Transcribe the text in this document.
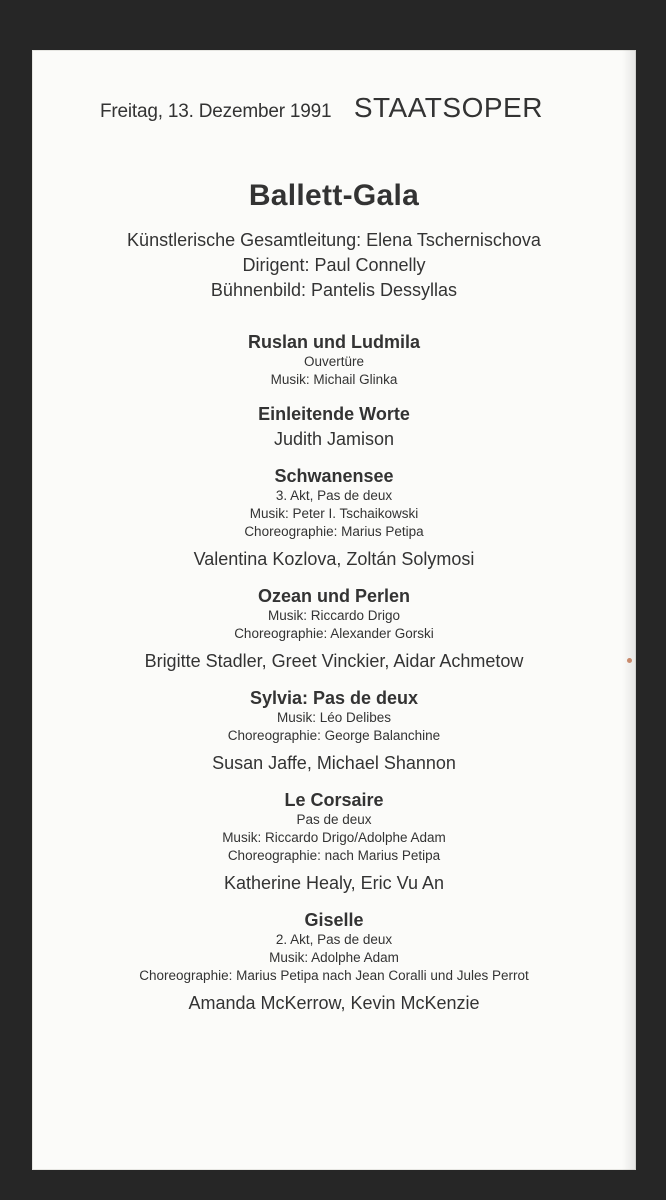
Freitag, 13. Dezember 1991 STAATSOPER
Ballett-Gala
Künstlerische Gesamtleitung: Elena Tschernischova
Dirigent: Paul Connelly
Bühnenbild: Pantelis Dessyllas
Ruslan und Ludmila
Ouvertüre
Musik: Michail Glinka
Einleitende Worte
Judith Jamison
Schwanensee
3. Akt, Pas de deux
Musik: Peter I. Tschaikowski
Choreographie: Marius Petipa
Valentina Kozlova, Zoltán Solymosi
Ozean und Perlen
Musik: Riccardo Drigo
Choreographie: Alexander Gorski
Brigitte Stadler, Greet Vinckier, Aidar Achmetow
Sylvia: Pas de deux
Musik: Léo Delibes
Choreographie: George Balanchine
Susan Jaffe, Michael Shannon
Le Corsaire
Pas de deux
Musik: Riccardo Drigo/Adolphe Adam
Choreographie: nach Marius Petipa
Katherine Healy, Eric Vu An
Giselle
2. Akt, Pas de deux
Musik: Adolphe Adam
Choreographie: Marius Petipa nach Jean Coralli und Jules Perrot
Amanda McKerrow, Kevin McKenzie
